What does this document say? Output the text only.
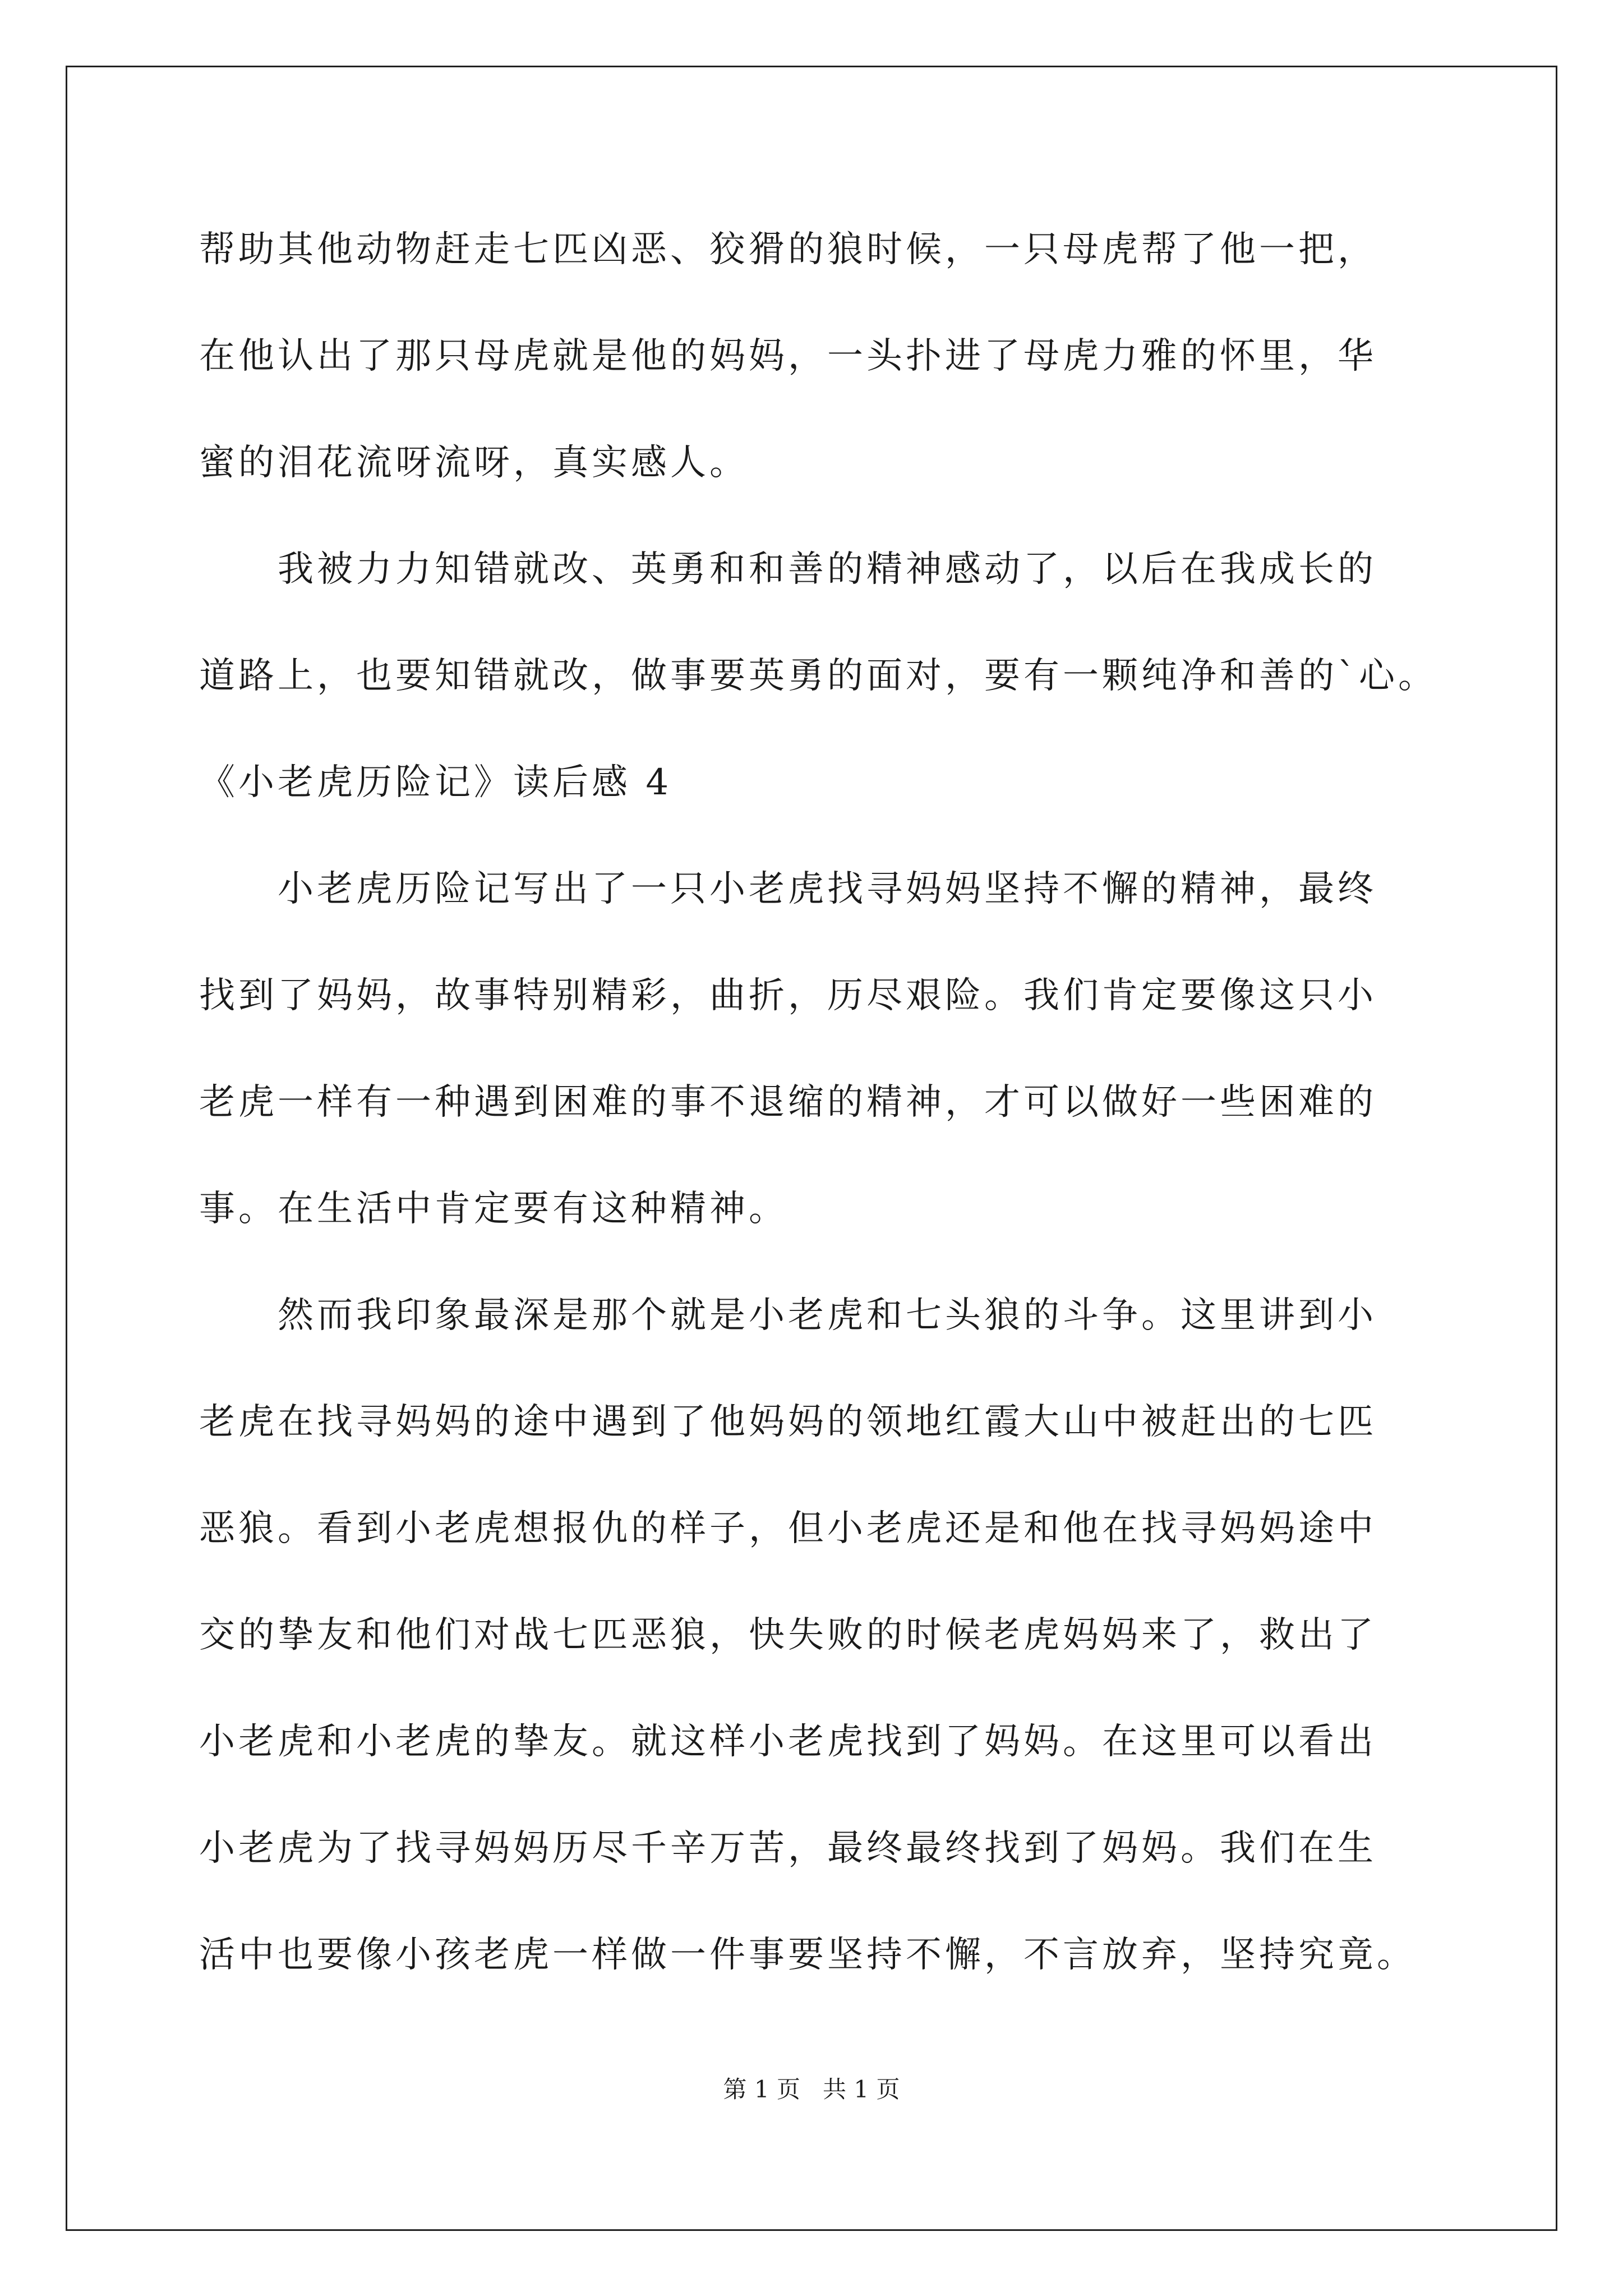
帮助其他动物赶走七匹凶恶、狡猾的狼时候，一只母虎帮了他一把，
在他认出了那只母虎就是他的妈妈，一头扑进了母虎力雅的怀里，华
蜜的泪花流呀流呀，真实感人。
　　我被力力知错就改、英勇和和善的精神感动了，以后在我成长的
道路上，也要知错就改，做事要英勇的面对，要有一颗纯净和善的`心。
《小老虎历险记》读后感 4
　　小老虎历险记写出了一只小老虎找寻妈妈坚持不懈的精神，最终
找到了妈妈，故事特别精彩，曲折，历尽艰险。我们肯定要像这只小
老虎一样有一种遇到困难的事不退缩的精神，才可以做好一些困难的
事。在生活中肯定要有这种精神。
　　然而我印象最深是那个就是小老虎和七头狼的斗争。这里讲到小
老虎在找寻妈妈的途中遇到了他妈妈的领地红霞大山中被赶出的七匹
恶狼。看到小老虎想报仇的样子，但小老虎还是和他在找寻妈妈途中
交的挚友和他们对战七匹恶狼，快失败的时候老虎妈妈来了，救出了
小老虎和小老虎的挚友。就这样小老虎找到了妈妈。在这里可以看出
小老虎为了找寻妈妈历尽千辛万苦，最终最终找到了妈妈。我们在生
活中也要像小孩老虎一样做一件事要坚持不懈，不言放弃，坚持究竟。
第 1 页   共 1 页
